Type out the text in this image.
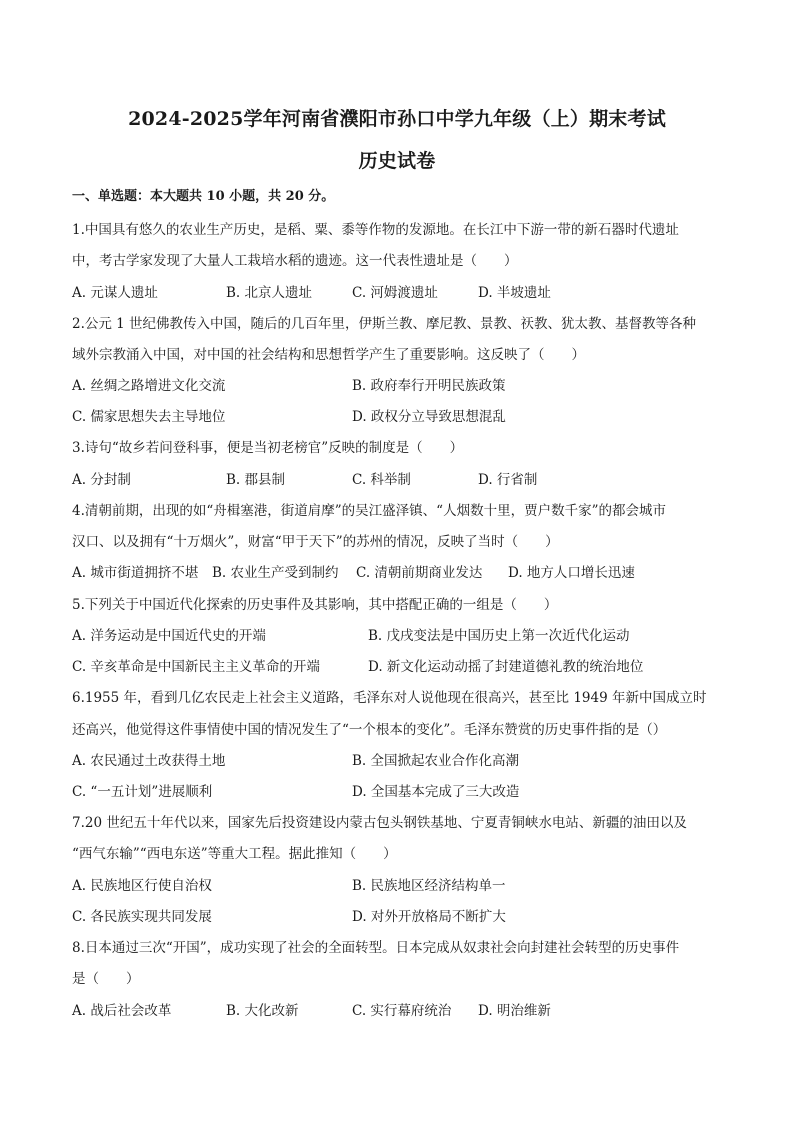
2024-2025学年河南省濮阳市孙口中学九年级（上）期末考试
历史试卷
一、单选题：本大题共 10 小题，共 20 分。
1.中国具有悠久的农业生产历史，是稻、粟、黍等作物的发源地。在长江中下游一带的新石器时代遗址
中，考古学家发现了大量人工栽培水稻的遗迹。这一代表性遗址是（　　）
A. 元谋人遗址	B. 北京人遗址	C. 河姆渡遗址	D. 半坡遗址
2.公元 1 世纪佛教传入中国，随后的几百年里，伊斯兰教、摩尼教、景教、祆教、犹太教、基督教等各种
域外宗教涌入中国，对中国的社会结构和思想哲学产生了重要影响。这反映了（　　）
A. 丝绸之路增进文化交流	B. 政府奉行开明民族政策
C. 儒家思想失去主导地位	D. 政权分立导致思想混乱
3.诗句“故乡若问登科事，便是当初老榜官”反映的制度是（　　）
A. 分封制	B. 郡县制	C. 科举制	D. 行省制
4.清朝前期，出现的如“舟楫塞港，街道肩摩”的吴江盛泽镇、“人烟数十里，贾户数千家”的都会城市
汉口、以及拥有“十万烟火”，财富“甲于天下”的苏州的情况，反映了当时（　　）
A. 城市街道拥挤不堪 B. 农业生产受到制约 C. 清朝前期商业发达 D. 地方人口增长迅速
5.下列关于中国近代化探索的历史事件及其影响，其中搭配正确的一组是（　　）
A. 洋务运动是中国近代史的开端	B. 戊戌变法是中国历史上第一次近代化运动
C. 辛亥革命是中国新民主主义革命的开端	D. 新文化运动动摇了封建道德礼教的统治地位
6.1955 年，看到几亿农民走上社会主义道路，毛泽东对人说他现在很高兴，甚至比 1949 年新中国成立时
还高兴，他觉得这件事情使中国的情况发生了“一个根本的变化”。毛泽东赞赏的历史事件指的是（）
A. 农民通过土改获得土地	B. 全国掀起农业合作化高潮
C. “一五计划”进展顺利	D. 全国基本完成了三大改造
7.20 世纪五十年代以来，国家先后投资建设内蒙古包头钢铁基地、宁夏青铜峡水电站、新疆的油田以及
“西气东输”“西电东送”等重大工程。据此推知（　　）
A. 民族地区行使自治权	B. 民族地区经济结构单一
C. 各民族实现共同发展	D. 对外开放格局不断扩大
8.日本通过三次“开国”，成功实现了社会的全面转型。日本完成从奴隶社会向封建社会转型的历史事件
是（　　）
A. 战后社会改革	B. 大化改新	C. 实行幕府统治 D. 明治维新
